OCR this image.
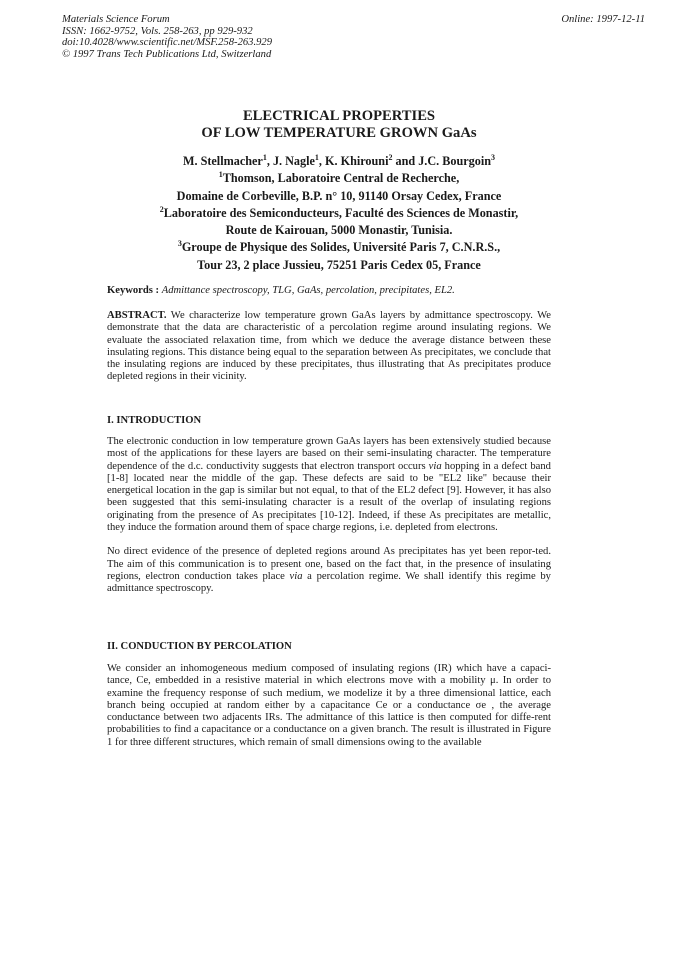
Materials Science Forum
ISSN: 1662-9752, Vols. 258-263, pp 929-932
doi:10.4028/www.scientific.net/MSF.258-263.929
© 1997 Trans Tech Publications Ltd, Switzerland
Online: 1997-12-11
ELECTRICAL PROPERTIES
OF LOW TEMPERATURE GROWN GaAs
M. Stellmacher$^1$, J. Nagle$^1$, K. Khirouni$^2$ and J.C. Bourgoin$^3$
$^1$Thomson, Laboratoire Central de Recherche,
Domaine de Corbeville, B.P. n° 10, 91140 Orsay Cedex, France
$^2$Laboratoire des Semiconducteurs, Faculté des Sciences de Monastir,
Route de Kairouan, 5000 Monastir, Tunisia.
$^3$Groupe de Physique des Solides, Université Paris 7, C.N.R.S.,
Tour 23, 2 place Jussieu, 75251 Paris Cedex 05, France
Keywords : Admittance spectroscopy, TLG, GaAs, percolation, precipitates, EL2.

ABSTRACT. We characterize low temperature grown GaAs layers by admittance spectroscopy. We demonstrate that the data are characteristic of a percolation regime around insulating regions. We evaluate the associated relaxation time, from which we deduce the average distance between these insulating regions. This distance being equal to the separation between As precipitates, we conclude that the insulating regions are induced by these precipitates, thus illustrating that As precipitates produce depleted regions in their vicinity.

I. INTRODUCTION

The electronic conduction in low temperature grown GaAs layers has been extensively studied because most of the applications for these layers are based on their semi-insulating character. The temperature dependence of the d.c. conductivity suggests that electron transport occurs via hopping in a defect band [1-8] located near the middle of the gap. These defects are said to be "EL2 like" because their energetical location in the gap is similar but not equal, to that of the EL2 defect [9]. However, it has also been suggested that this semi-insulating character is a result of the overlap of insulating regions originating from the presence of As precipitates [10-12]. Indeed, if these As precipitates are metallic, they induce the formation around them of space charge regions, i.e. depleted from electrons.

No direct evidence of the presence of depleted regions around As precipitates has yet been repor-ted. The aim of this communication is to present one, based on the fact that, in the presence of insulating regions, electron conduction takes place via a percolation regime. We shall identify this regime by admittance spectroscopy.

II. CONDUCTION BY PERCOLATION

We consider an inhomogeneous medium composed of insulating regions (IR) which have a capaci-tance, Ce, embedded in a resistive material in which electrons move with a mobility μ. In order to examine the frequency response of such medium, we modelize it by a three dimensional lattice, each branch being occupied at random either by a capacitance Ce or a conductance σe , the average conductance between two adjacents IRs. The admittance of this lattice is then computed for diffe-rent probabilities to find a capacitance or a conductance on a given branch. The result is illustrated in Figure 1 for three different structures, which remain of small dimensions owing to the available
